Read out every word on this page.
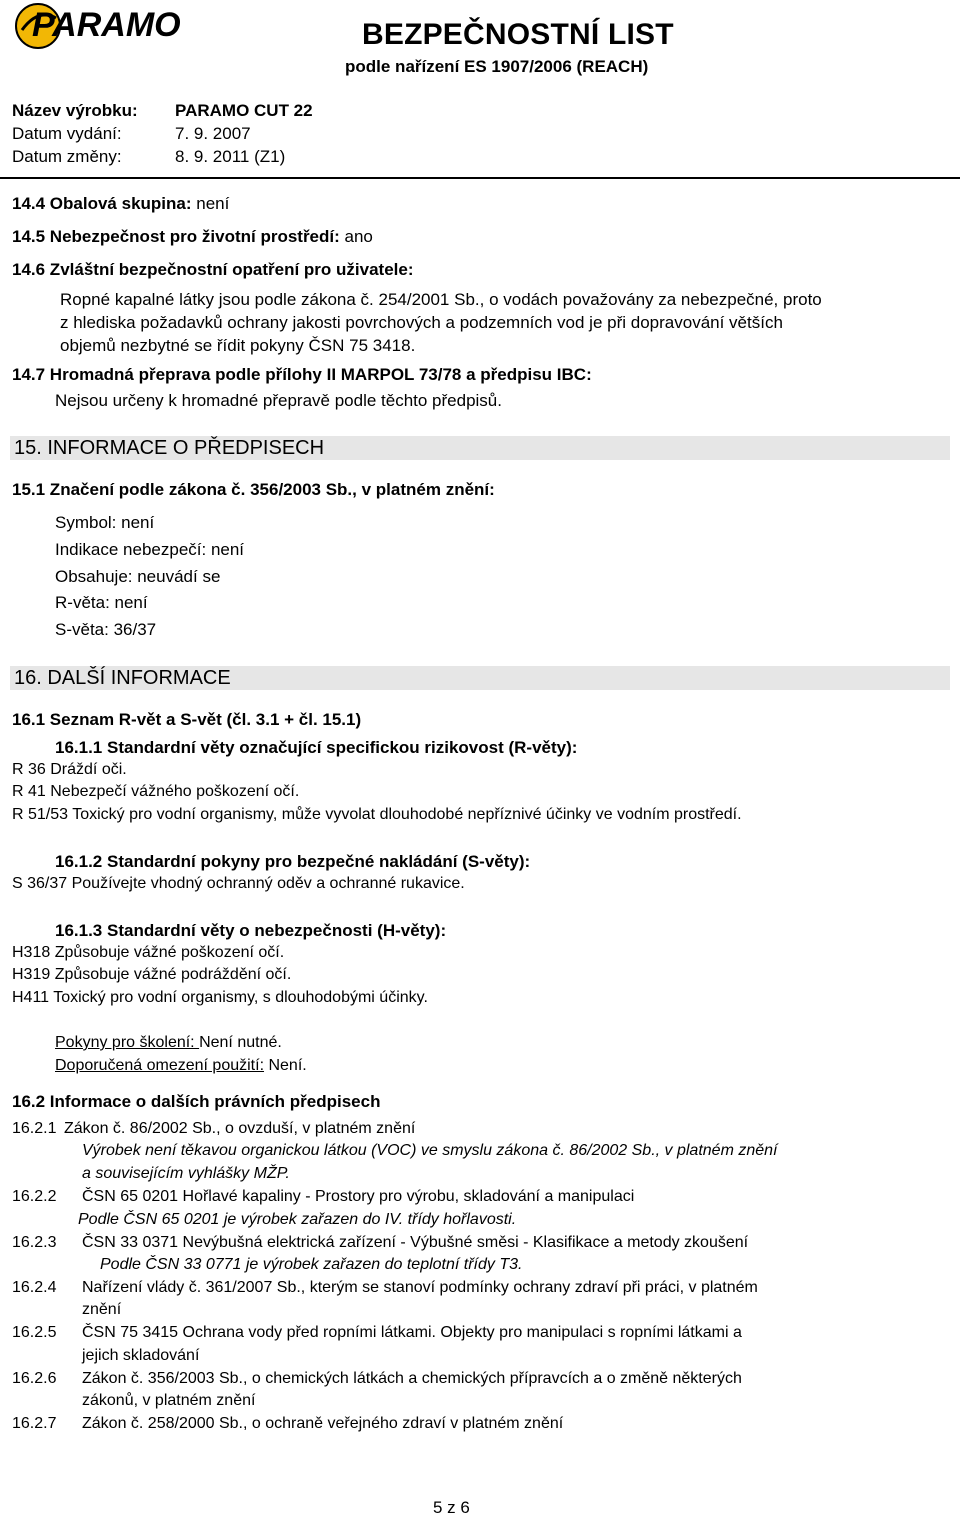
PARAMO	BEZPEČNOSTNÍ LIST
podle nařízení ES 1907/2006 (REACH)
Název výrobku: PARAMO CUT 22
Datum vydání:	7. 9. 2007
Datum změny:	8. 9. 2011 (Z1)
14.4 Obalová skupina: není
14.5 Nebezpečnost pro životní prostředí: ano
14.6 Zvláštní bezpečnostní opatření pro uživatele:
Ropné kapalné látky jsou podle zákona č. 254/2001 Sb., o vodách považovány za nebezpečné, proto
z hlediska požadavků ochrany jakosti povrchových a podzemních vod je při dopravování větších
objemů nezbytné se řídit pokyny ČSN 75 3418.
14.7 Hromadná přeprava podle přílohy II MARPOL 73/78 a předpisu IBC:
Nejsou určeny k hromadné přepravě podle těchto předpisů.
15. INFORMACE O PŘEDPISECH
15.1 Značení podle zákona č. 356/2003 Sb., v platném znění:
Symbol: není
Indikace nebezpečí: není
Obsahuje: neuvádí se
R-věta: není
S-věta: 36/37
16. DALŠÍ INFORMACE
16.1 Seznam R-vět a S-vět (čl. 3.1 + čl. 15.1)
16.1.1 Standardní věty označující specifickou rizikovost (R-věty):
R 36 Dráždí oči.
R 41 Nebezpečí vážného poškození očí.
R 51/53 Toxický pro vodní organismy, může vyvolat dlouhodobé nepříznivé účinky ve vodním prostředí.
16.1.2 Standardní pokyny pro bezpečné nakládání (S-věty):
S 36/37 Používejte vhodný ochranný oděv a ochranné rukavice.
16.1.3 Standardní věty o nebezpečnosti (H-věty):
H318 Způsobuje vážné poškození očí.
H319 Způsobuje vážné podráždění očí.
H411 Toxický pro vodní organismy, s dlouhodobými účinky.
Pokyny pro školení: Není nutné.
Doporučená omezení použití: Není.
16.2 Informace o dalších právních předpisech
16.2.1 Zákon č. 86/2002 Sb., o ovzduší, v platném znění
Výrobek není těkavou organickou látkou (VOC) ve smyslu zákona č. 86/2002 Sb., v platném znění
a souvisejícím vyhlášky MŽP.
16.2.2 ČSN 65 0201 Hořlavé kapaliny - Prostory pro výrobu, skladování a manipulaci
Podle ČSN 65 0201 je výrobek zařazen do IV. třídy hořlavosti.
16.2.3 ČSN 33 0371 Nevýbušná elektrická zařízení - Výbušné směsi - Klasifikace a metody zkoušení
Podle ČSN 33 0771 je výrobek zařazen do teplotní třídy T3.
16.2.4 Nařízení vlády č. 361/2007 Sb., kterým se stanoví podmínky ochrany zdraví při práci, v platném
znění
16.2.5 ČSN 75 3415 Ochrana vody před ropními látkami. Objekty pro manipulaci s ropními látkami a
jejich skladování
16.2.6 Zákon č. 356/2003 Sb., o chemických látkách a chemických přípravcích a o změně některých
zákonů, v platném znění
16.2.7 Zákon č. 258/2000 Sb., o ochraně veřejného zdraví v platném znění
5 z 6
